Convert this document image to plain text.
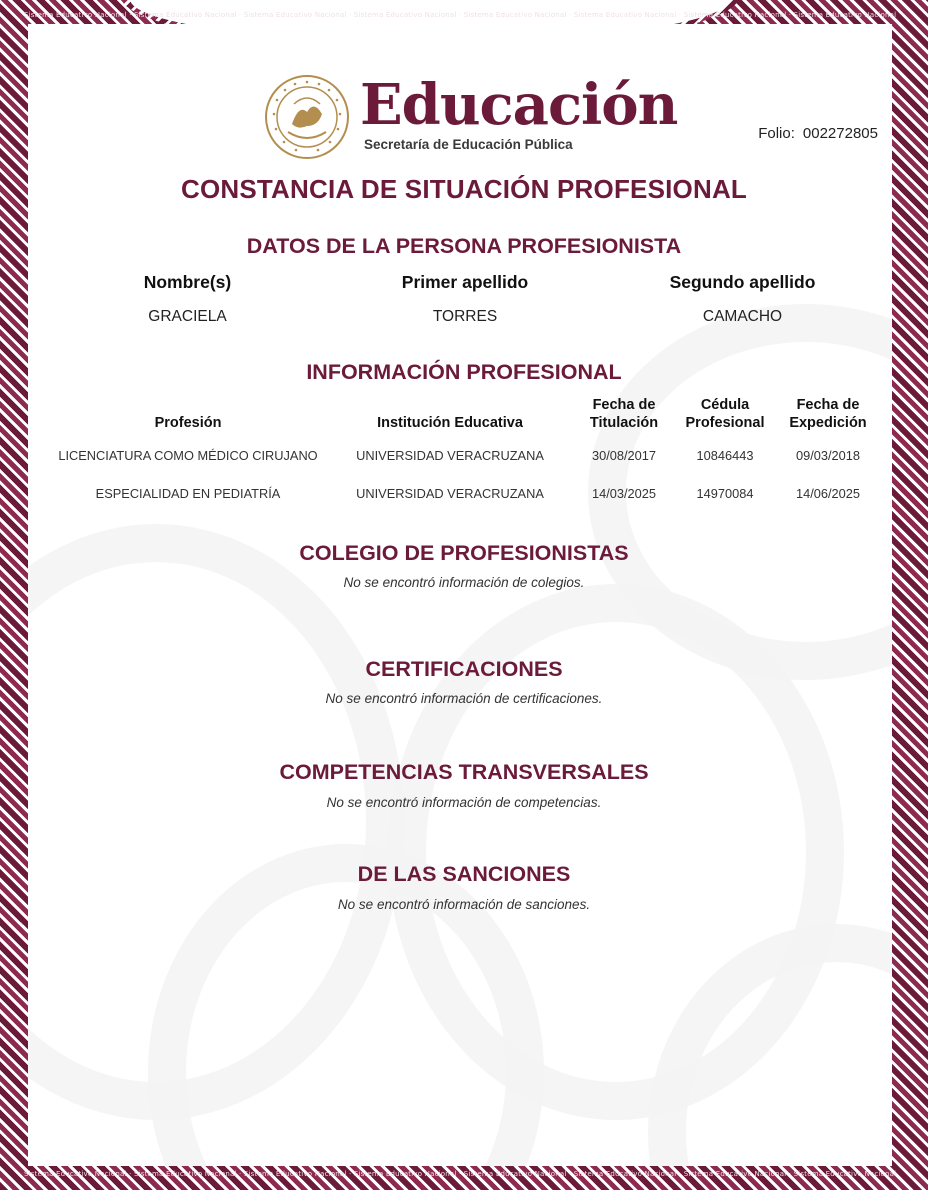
Sistema Educativo Nacional · Sistema Educativo Nacional · Sistema Educativo Nacional · Sistema Educativo Nacional · Sistema Educativo Nacional · Sistema Educativo Nacional · Sistema Educativo Nacional · Sistema Educativo Nacional
Sistema Educativo Nacional · Sistema Educativo Nacional · Sistema Educativo Nacional · Sistema Educativo Nacional · Sistema Educativo Nacional · Sistema Educativo Nacional · Sistema Educativo Nacional · Sistema Educativo Nacional
Educación
Secretaría de Educación Pública
Folio: 002272805
CONSTANCIA DE SITUACIÓN PROFESIONAL
DATOS DE LA PERSONA PROFESIONISTA
Nombre(s)	Primer apellido	Segundo apellido
GRACIELA	TORRES	CAMACHO
INFORMACIÓN PROFESIONAL
Profesión	Institución Educativa	Fecha de Titulación	Cédula Profesional	Fecha de Expedición
LICENCIATURA COMO MÉDICO CIRUJANO	UNIVERSIDAD VERACRUZANA	30/08/2017	10846443	09/03/2018
ESPECIALIDAD EN PEDIATRÍA	UNIVERSIDAD VERACRUZANA	14/03/2025	14970084	14/06/2025
COLEGIO DE PROFESIONISTAS
No se encontró información de colegios.
CERTIFICACIONES
No se encontró información de certificaciones.
COMPETENCIAS TRANSVERSALES
No se encontró información de competencias.
DE LAS SANCIONES
No se encontró información de sanciones.
